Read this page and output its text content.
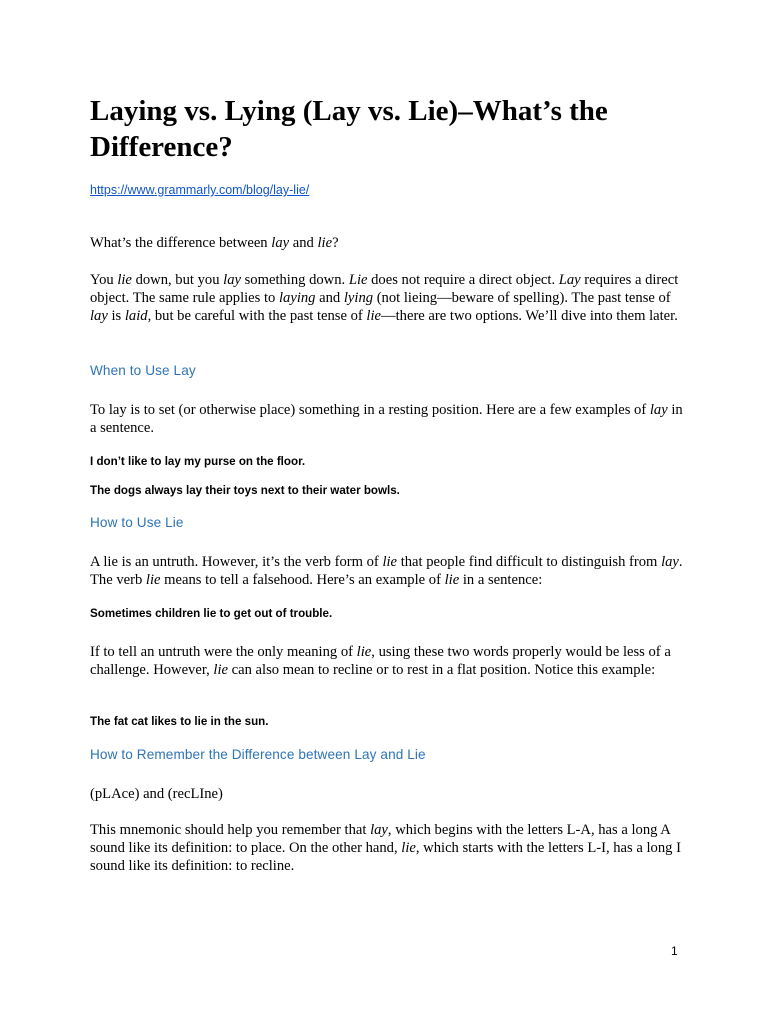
Laying vs. Lying (Lay vs. Lie)–What’s the Difference?
https://www.grammarly.com/blog/lay-lie/

What’s the difference between lay and lie?

You lie down, but you lay something down. Lie does not require a direct object. Lay requires a direct object. The same rule applies to laying and lying (not lieing—beware of spelling). The past tense of lay is laid, but be careful with the past tense of lie—there are two options. We’ll dive into them later.

When to Use Lay

To lay is to set (or otherwise place) something in a resting position. Here are a few examples of lay in a sentence.

I don’t like to lay my purse on the floor.

The dogs always lay their toys next to their water bowls.

How to Use Lie

A lie is an untruth. However, it’s the verb form of lie that people find difficult to distinguish from lay. The verb lie means to tell a falsehood. Here’s an example of lie in a sentence:

Sometimes children lie to get out of trouble.

If to tell an untruth were the only meaning of lie, using these two words properly would be less of a challenge. However, lie can also mean to recline or to rest in a flat position. Notice this example:

The fat cat likes to lie in the sun.

How to Remember the Difference between Lay and Lie

(pLAce) and (recLIne)

This mnemonic should help you remember that lay, which begins with the letters L-A, has a long A sound like its definition: to place. On the other hand, lie, which starts with the letters L-I, has a long I sound like its definition: to recline.

1
